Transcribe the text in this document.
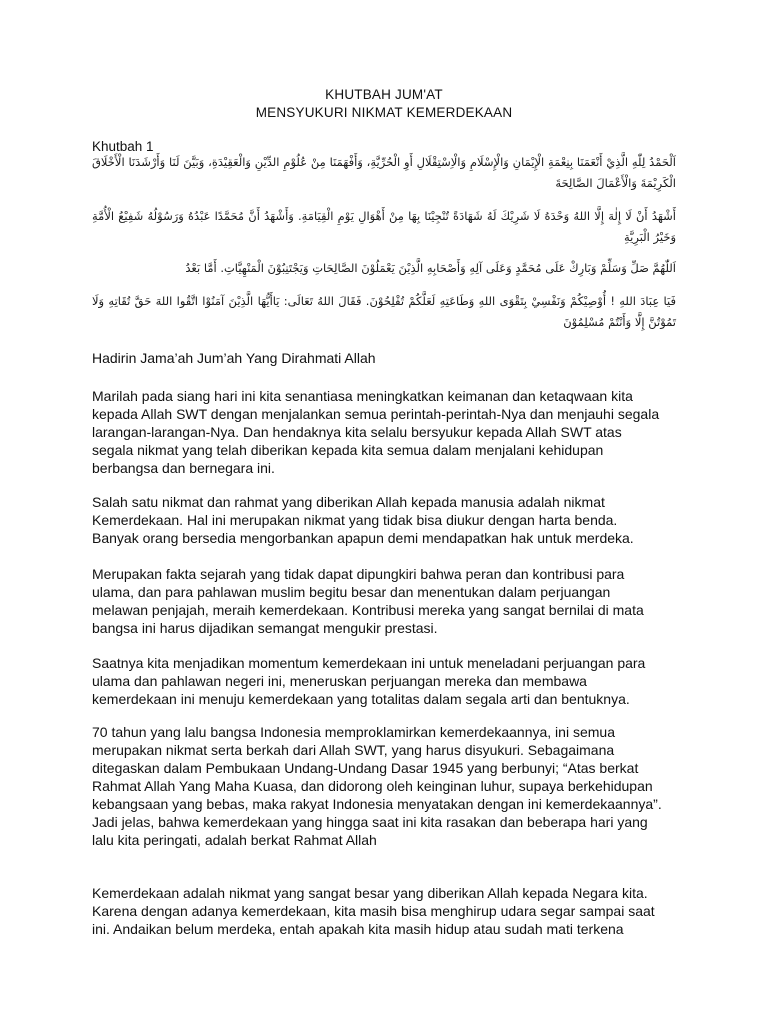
KHUTBAH JUM'AT
MENSYUKURI NIKMAT KEMERDEKAAN
Khutbah 1
اَلْحَمْدُ لِلّٰهِ الَّذِيْ أَنْعَمَنَا بِنِعْمَةِ الْإِيْمَانِ وَالْإِسْلَامِ وَالْاِسْتِقْلَالِ أَوِ الْحُرِّيَّةِ، وَأَفْهَمَنَا مِنْ عُلُوْمِ الدِّيْنِ وَالْعَقِيْدَةِ، وَبَيَّنَ لَنَا وَأَرْشَدَنَا الْأَخْلَاقَ الْكَرِيْمَةَ وَالْأَعْمَالَ الصَّالِحَةَ
أَشْهَدُ أَنْ لَا إِلٰهَ إِلَّا اللهُ وَحْدَهُ لَا شَرِيْكَ لَهُ شَهَادَةً تُنْجِيْنَا بِهَا مِنْ أَهْوَالِ يَوْمِ الْقِيَامَةِ. وَأَشْهَدُ أَنَّ مُحَمَّدًا عَبْدُهُ وَرَسُوْلُهُ شَفِيْعُ الْأُمَّةِ وَخَيْرُ الْبَرِيَّةِ
اَللّٰهُمَّ صَلِّ وَسَلِّمْ وَبَارِكْ عَلَى مُحَمَّدٍ وَعَلَى آلِهِ وَأَصْحَابِهِ الَّذِيْنَ يَعْمَلُوْنَ الصَّالِحَاتِ وَيَجْتَنِبُوْنَ الْمَنْهِيَّاتِ. أَمَّا بَعْدُ
فَيَا عِبَادَ اللهِ ! أُوْصِيْكُمْ وَنَفْسِيْ بِتَقْوَى اللهِ وَطَاعَتِهِ لَعَلَّكُمْ تُفْلِحُوْنَ. فَقَالَ اللهُ تَعَالَى: يَاأَيُّهَا الَّذِيْنَ آمَنُوْا اتَّقُوا اللهَ حَقَّ تُقَاتِهِ وَلَا تَمُوْتُنَّ إِلَّا وَأَنْتُمْ مُسْلِمُوْنَ
Hadirin Jama’ah Jum’ah Yang Dirahmati Allah
Marilah pada siang hari ini kita senantiasa meningkatkan keimanan dan ketaqwaan kita
kepada Allah SWT dengan menjalankan semua perintah-perintah-Nya dan menjauhi segala
larangan-larangan-Nya. Dan hendaknya kita selalu bersyukur kepada Allah SWT atas
segala nikmat yang telah diberikan kepada kita semua dalam menjalani kehidupan
berbangsa dan bernegara ini.
Salah satu nikmat dan rahmat yang diberikan Allah kepada manusia adalah nikmat
Kemerdekaan. Hal ini merupakan nikmat yang tidak bisa diukur dengan harta benda.
Banyak orang bersedia mengorbankan apapun demi mendapatkan hak untuk merdeka.
Merupakan fakta sejarah yang tidak dapat dipungkiri bahwa peran dan kontribusi para
ulama, dan para pahlawan muslim begitu besar dan menentukan dalam perjuangan
melawan penjajah, meraih kemerdekaan. Kontribusi mereka yang sangat bernilai di mata
bangsa ini harus dijadikan semangat mengukir prestasi.
Saatnya kita menjadikan momentum kemerdekaan ini untuk meneladani perjuangan para
ulama dan pahlawan negeri ini, meneruskan perjuangan mereka dan membawa
kemerdekaan ini menuju kemerdekaan yang totalitas dalam segala arti dan bentuknya.
70 tahun yang lalu bangsa Indonesia memproklamirkan kemerdekaannya, ini semua
merupakan nikmat serta berkah dari Allah SWT, yang harus disyukuri. Sebagaimana
ditegaskan dalam Pembukaan Undang-Undang Dasar 1945 yang berbunyi; “Atas berkat
Rahmat Allah Yang Maha Kuasa, dan didorong oleh keinginan luhur, supaya berkehidupan
kebangsaan yang bebas, maka rakyat Indonesia menyatakan dengan ini kemerdekaannya”.
Jadi jelas, bahwa kemerdekaan yang hingga saat ini kita rasakan dan beberapa hari yang
lalu kita peringati, adalah berkat Rahmat Allah
Kemerdekaan adalah nikmat yang sangat besar yang diberikan Allah kepada Negara kita.
Karena dengan adanya kemerdekaan, kita masih bisa menghirup udara segar sampai saat
ini. Andaikan belum merdeka, entah apakah kita masih hidup atau sudah mati terkena
